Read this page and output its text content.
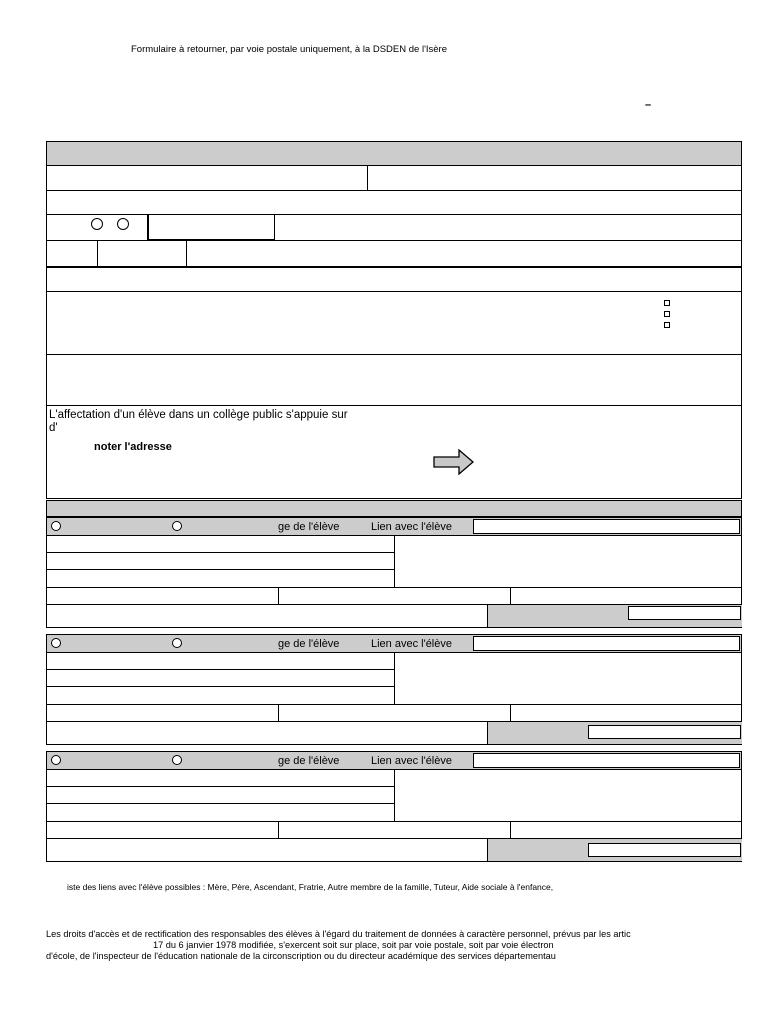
Formulaire à retourner, par voie postale uniquement, à la DSDEN de l'Isère
–
L'affectation d'un élève dans un collège public s'appuie sur
d'
noter l'adresse
ge de l'élève	Lien avec l'élève
ge de l'élève	Lien avec l'élève
ge de l'élève	Lien avec l'élève
iste des liens avec l'élève possibles : Mère, Père, Ascendant, Fratrie, Autre membre de la famille, Tuteur, Aide sociale à l'enfance,
Les droits d'accès et de rectification des responsables des élèves à l'égard du traitement de données à caractère personnel, prévus par les artic
17 du 6 janvier 1978 modifiée, s'exercent soit sur place, soit par voie postale, soit par voie électron
d'école, de l'inspecteur de l'éducation nationale de la circonscription ou du directeur académique des services départementau
